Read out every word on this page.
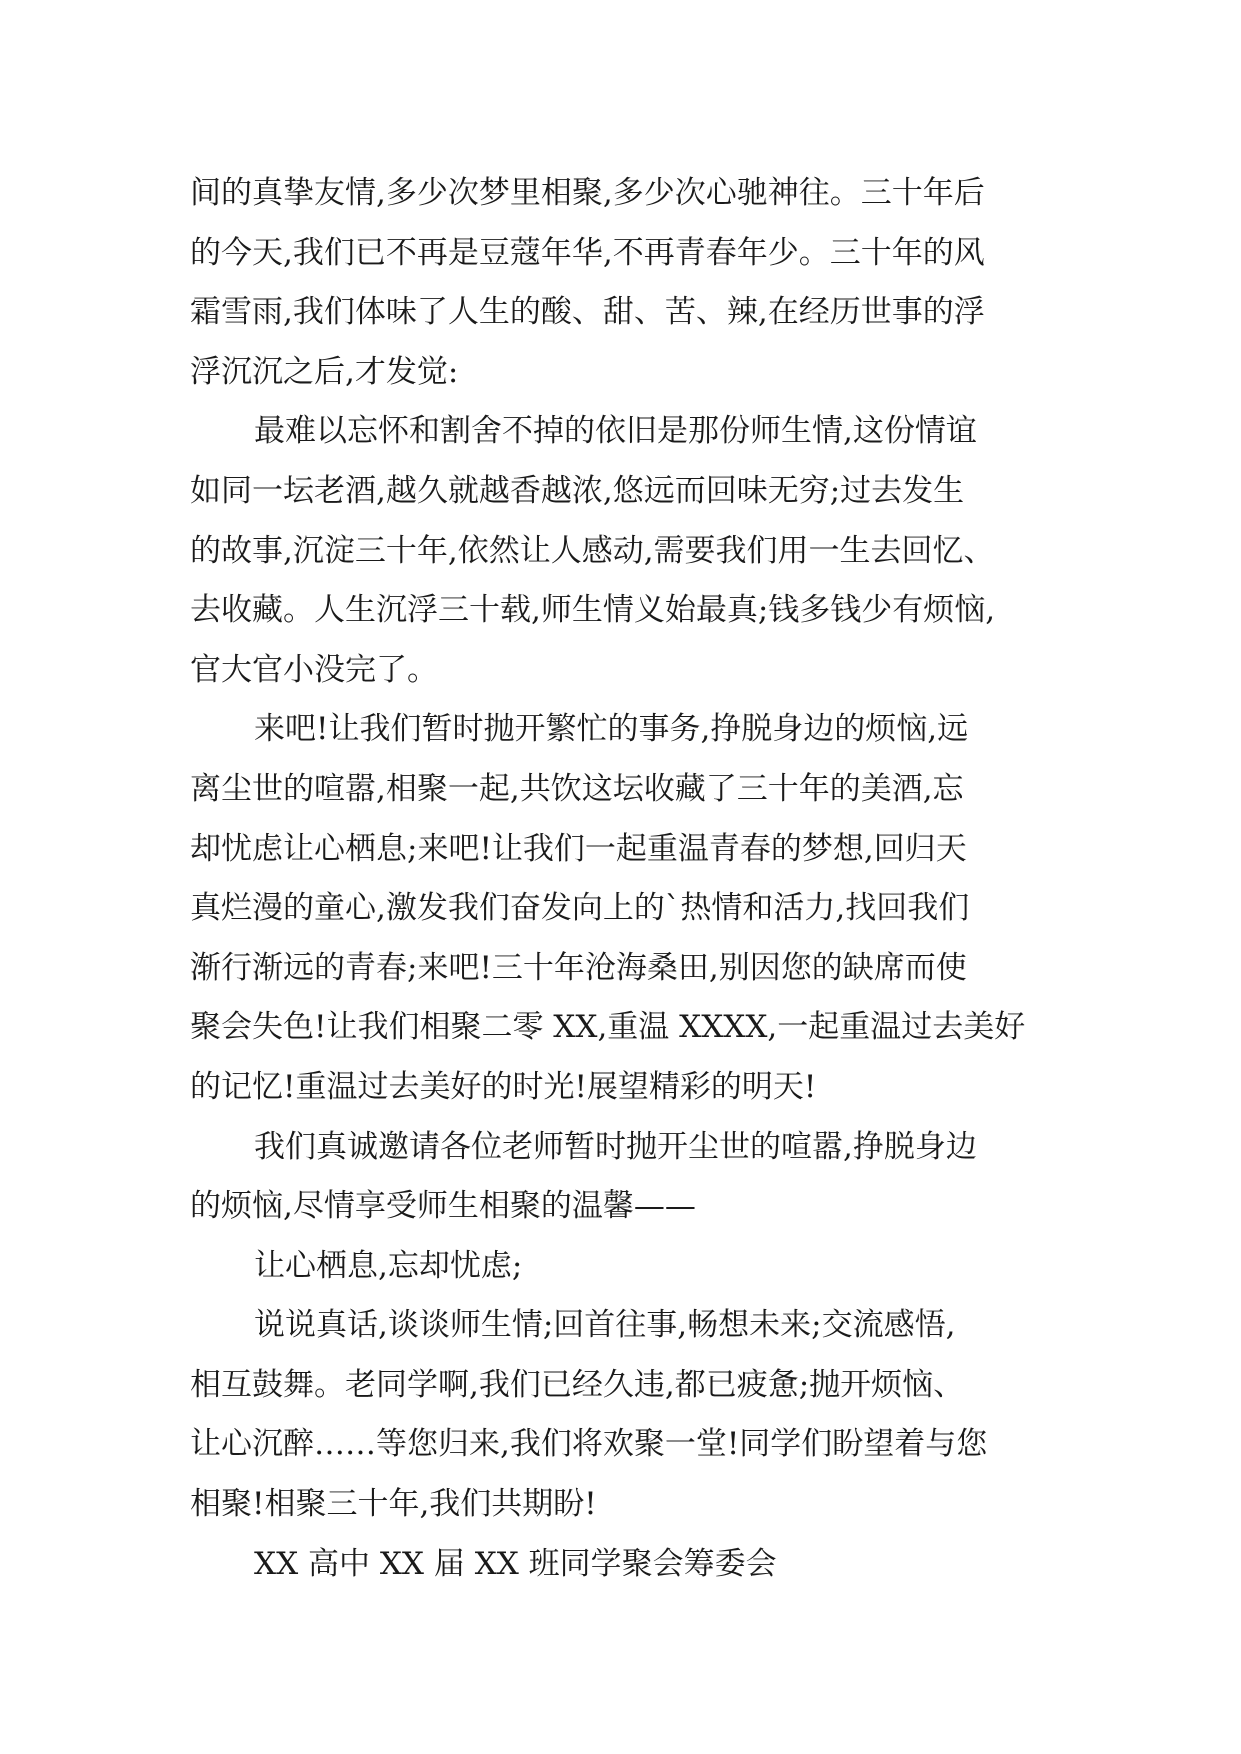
间的真挚友情,多少次梦里相聚,多少次心驰神往。三十年后
的今天,我们已不再是豆蔻年华,不再青春年少。三十年的风
霜雪雨,我们体味了人生的酸、甜、苦、辣,在经历世事的浮
浮沉沉之后,才发觉:
最难以忘怀和割舍不掉的依旧是那份师生情,这份情谊
如同一坛老酒,越久就越香越浓,悠远而回味无穷;过去发生
的故事,沉淀三十年,依然让人感动,需要我们用一生去回忆、
去收藏。人生沉浮三十载,师生情义始最真;钱多钱少有烦恼,
官大官小没完了。
来吧!让我们暂时抛开繁忙的事务,挣脱身边的烦恼,远
离尘世的喧嚣,相聚一起,共饮这坛收藏了三十年的美酒,忘
却忧虑让心栖息;来吧!让我们一起重温青春的梦想,回归天
真烂漫的童心,激发我们奋发向上的`热情和活力,找回我们
渐行渐远的青春;来吧!三十年沧海桑田,别因您的缺席而使
聚会失色!让我们相聚二零 XX,重温 XXXX,一起重温过去美好
的记忆!重温过去美好的时光!展望精彩的明天!
我们真诚邀请各位老师暂时抛开尘世的喧嚣,挣脱身边
的烦恼,尽情享受师生相聚的温馨——
让心栖息,忘却忧虑;
说说真话,谈谈师生情;回首往事,畅想未来;交流感悟,
相互鼓舞。老同学啊,我们已经久违,都已疲惫;抛开烦恼、
让心沉醉……等您归来,我们将欢聚一堂!同学们盼望着与您
相聚!相聚三十年,我们共期盼!
XX 高中 XX 届 XX 班同学聚会筹委会
